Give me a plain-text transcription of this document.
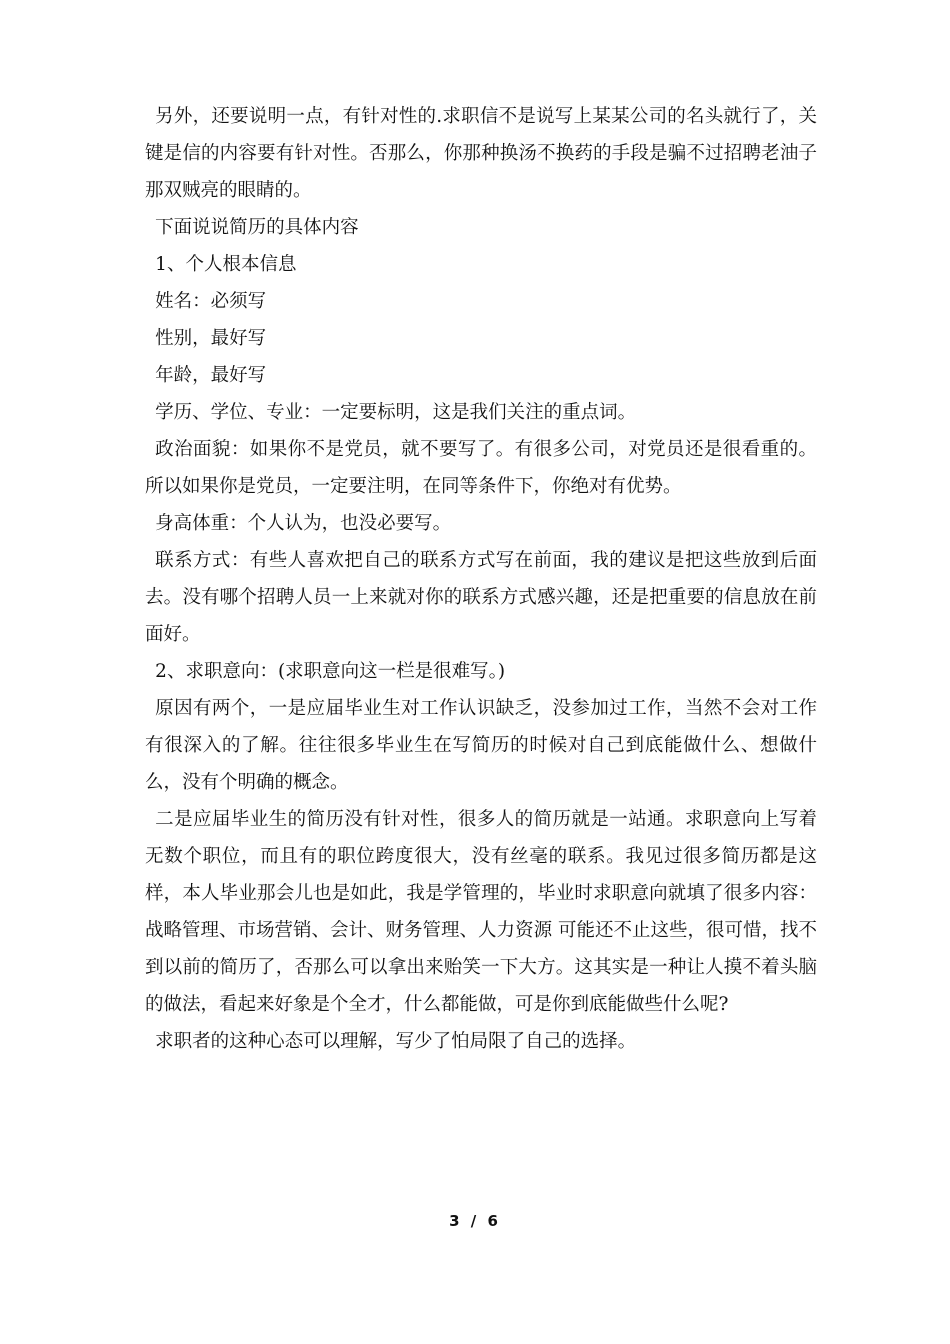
另外，还要说明一点，有针对性的.求职信不是说写上某某公司的名头就行了，关键是信的内容要有针对性。否那么，你那种换汤不换药的手段是骗不过招聘老油子那双贼亮的眼睛的。

下面说说简历的具体内容

1、个人根本信息

姓名：必须写

性别，最好写

年龄，最好写

学历、学位、专业：一定要标明，这是我们关注的重点词。

政治面貌：如果你不是党员，就不要写了。有很多公司，对党员还是很看重的。所以如果你是党员，一定要注明，在同等条件下，你绝对有优势。

身高体重：个人认为，也没必要写。

联系方式：有些人喜欢把自己的联系方式写在前面，我的建议是把这些放到后面去。没有哪个招聘人员一上来就对你的联系方式感兴趣，还是把重要的信息放在前面好。

2、求职意向：(求职意向这一栏是很难写。)

原因有两个，一是应届毕业生对工作认识缺乏，没参加过工作，当然不会对工作有很深入的了解。往往很多毕业生在写简历的时候对自己到底能做什么、想做什么，没有个明确的概念。

二是应届毕业生的简历没有针对性，很多人的简历就是一站通。求职意向上写着无数个职位，而且有的职位跨度很大，没有丝毫的联系。我见过很多简历都是这样，本人毕业那会儿也是如此，我是学管理的，毕业时求职意向就填了很多内容：战略管理、市场营销、会计、财务管理、人力资源 可能还不止这些，很可惜，找不到以前的简历了，否那么可以拿出来贻笑一下大方。这其实是一种让人摸不着头脑的做法，看起来好象是个全才，什么都能做，可是你到底能做些什么呢?

求职者的这种心态可以理解，写少了怕局限了自己的选择。

3 / 6
